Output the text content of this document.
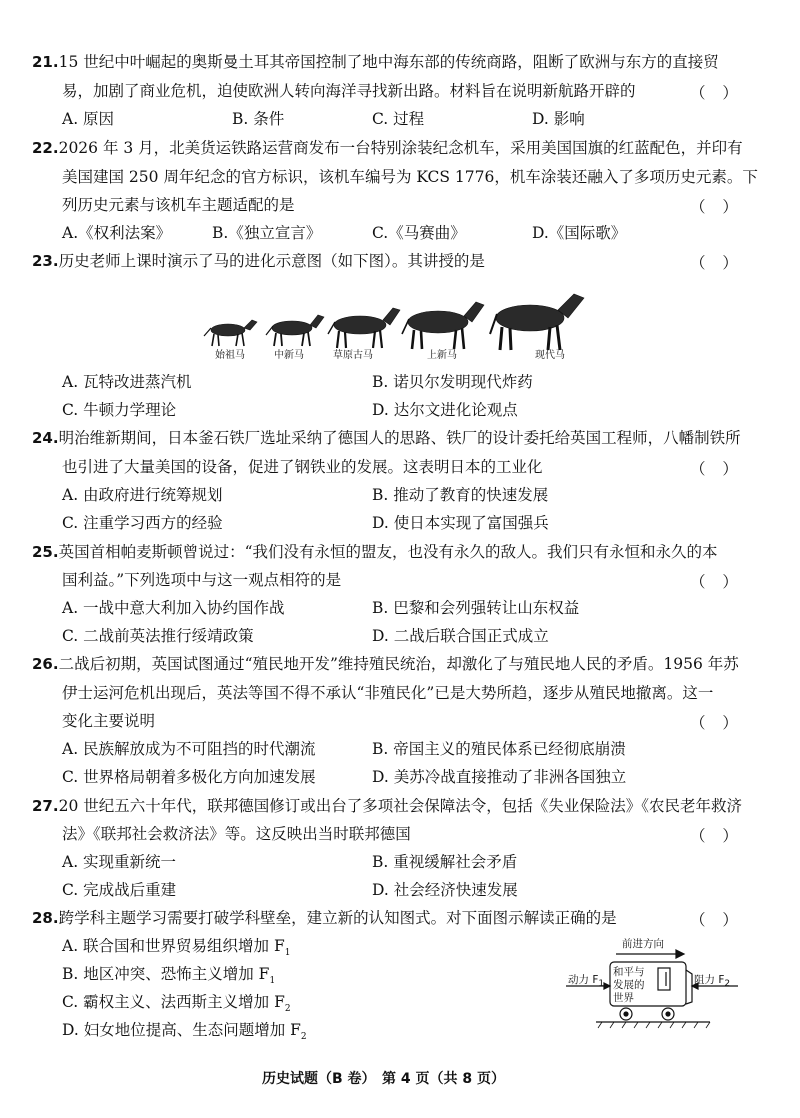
21.15 世纪中叶崛起的奥斯曼土耳其帝国控制了地中海东部的传统商路，阻断了欧洲与东方的直接贸
易，加剧了商业危机，迫使欧洲人转向海洋寻找新出路。材料旨在说明新航路开辟的	（ ）
A. 原因	B. 条件	C. 过程	D. 影响
22.2026 年 3 月，北美货运铁路运营商发布一台特别涂装纪念机车，采用美国国旗的红蓝配色，并印有
美国建国 250 周年纪念的官方标识，该机车编号为 KCS 1776，机车涂装还融入了多项历史元素。下
列历史元素与该机车主题适配的是	（ ）
A.《权利法案》	B.《独立宣言》	C.《马赛曲》	D.《国际歌》
23.历史老师上课时演示了马的进化示意图（如下图）。其讲授的是	（ ）
始祖马	中新马	草原古马	上新马	现代马
A. 瓦特改进蒸汽机	B. 诺贝尔发明现代炸药
C. 牛顿力学理论	D. 达尔文进化论观点
24.明治维新期间，日本釜石铁厂选址采纳了德国人的思路、铁厂的设计委托给英国工程师，八幡制铁所
也引进了大量美国的设备，促进了钢铁业的发展。这表明日本的工业化	（ ）
A. 由政府进行统筹规划	B. 推动了教育的快速发展
C. 注重学习西方的经验	D. 使日本实现了富国强兵
25.英国首相帕麦斯顿曾说过：“我们没有永恒的盟友，也没有永久的敌人。我们只有永恒和永久的本
国利益。”下列选项中与这一观点相符的是	（ ）
A. 一战中意大利加入协约国作战	B. 巴黎和会列强转让山东权益
C. 二战前英法推行绥靖政策	D. 二战后联合国正式成立
26.二战后初期，英国试图通过“殖民地开发”维持殖民统治，却激化了与殖民地人民的矛盾。1956 年苏
伊士运河危机出现后，英法等国不得不承认“非殖民化”已是大势所趋，逐步从殖民地撤离。这一
变化主要说明	（ ）
A. 民族解放成为不可阻挡的时代潮流	B. 帝国主义的殖民体系已经彻底崩溃
C. 世界格局朝着多极化方向加速发展	D. 美苏冷战直接推动了非洲各国独立
27.20 世纪五六十年代，联邦德国修订或出台了多项社会保障法令，包括《失业保险法》《农民老年救济
法》《联邦社会救济法》等。这反映出当时联邦德国	（ ）
A. 实现重新统一	B. 重视缓解社会矛盾
C. 完成战后重建	D. 社会经济快速发展
28.跨学科主题学习需要打破学科壁垒，建立新的认知图式。对下面图示解读正确的是	（ ）
A. 联合国和世界贸易组织增加 $F_1$
B. 地区冲突、恐怖主义增加 $F_1$
C. 霸权主义、法西斯主义增加 $F_2$
D. 妇女地位提高、生态问题增加 $F_2$
前进方向
和平与
发展的
世界
动力 $F_1$	阻力 $F_2$
历史试题（B 卷） 第 4 页（共 8 页）
